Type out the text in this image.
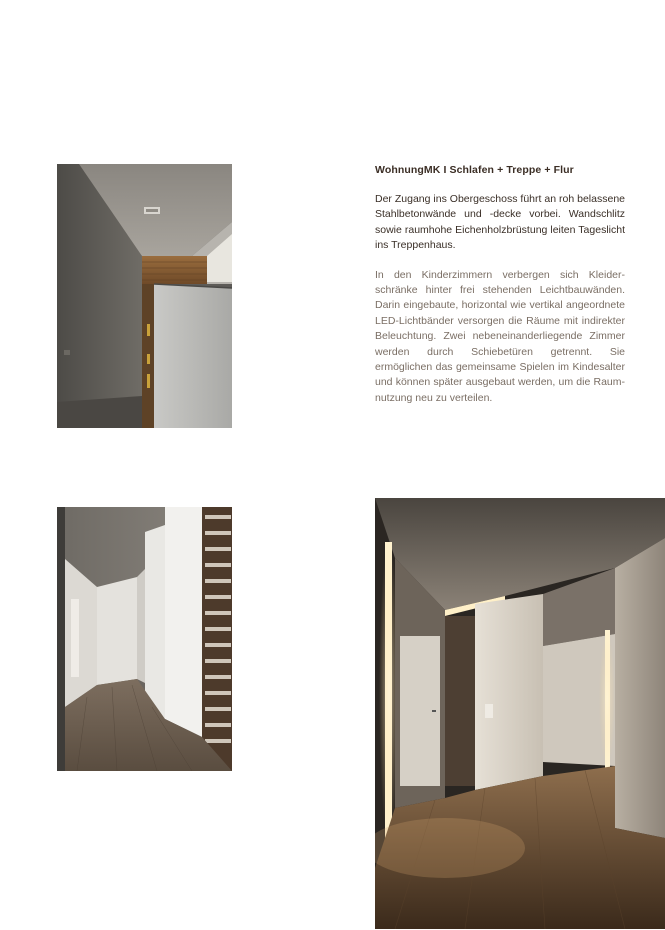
WohnungMK I Schlafen + Treppe + Flur

Der Zugang ins Obergeschoss führt an roh belassene Stahlbetonwände und -decke vorbei. Wandschlitz sowie raumhohe Eichenholzbrüstung leiten Tageslicht ins Treppenhaus.

In den Kinderzimmern verbergen sich Kleiderschränke hinter frei stehenden Leichtbauwänden. Darin eingebaute, horizontal wie vertikal angeordnete LED-Lichtbänder versorgen die Räume mit indirekter Beleuchtung. Zwei nebeneinanderliegende Zimmer werden durch Schiebetüren getrennt. Sie ermöglichen das gemeinsame Spielen im Kindesalter und können später ausgebaut werden, um die Raumnutzung neu zu verteilen.
